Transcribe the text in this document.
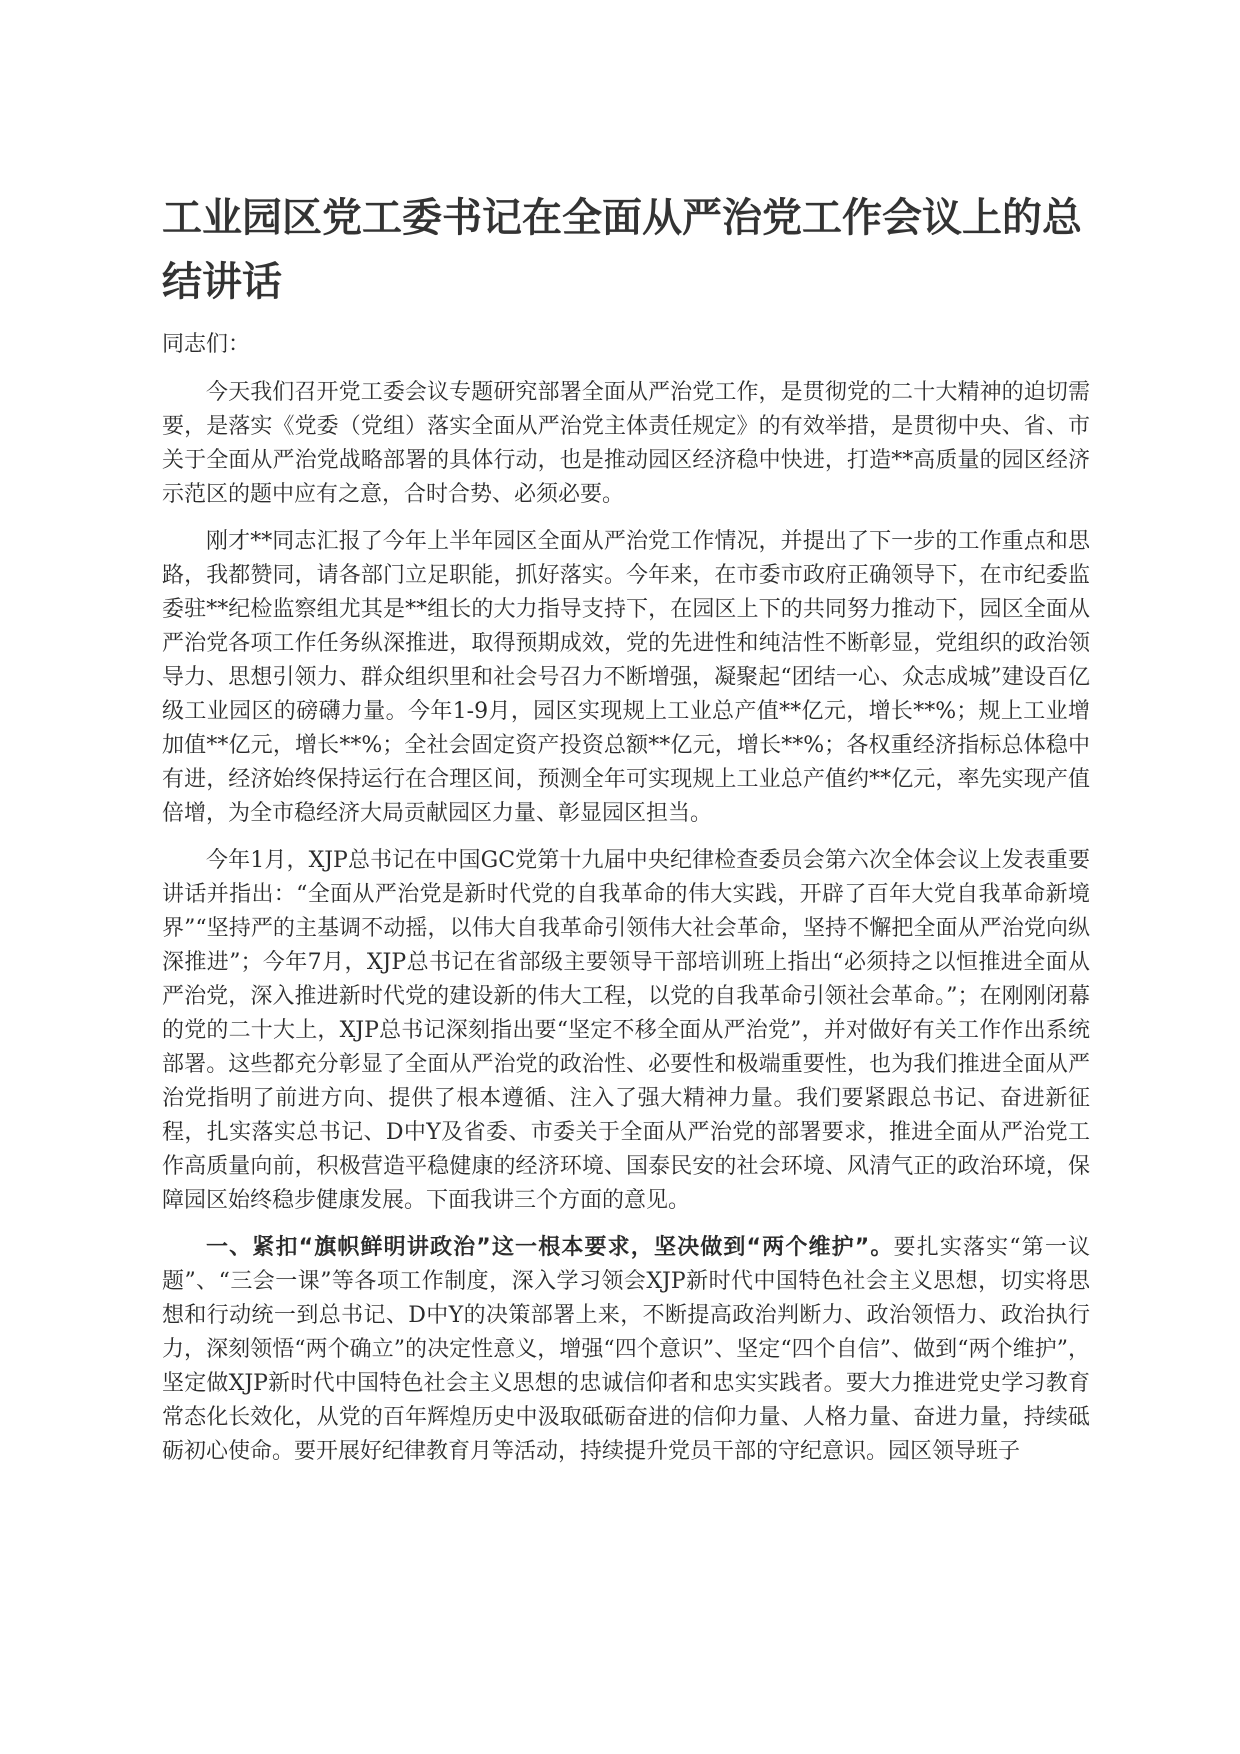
工业园区党工委书记在全面从严治党工作会议上的总结讲话

同志们：

今天我们召开党工委会议专题研究部署全面从严治党工作，是贯彻党的二十大精神的迫切需要，是落实《党委（党组）落实全面从严治党主体责任规定》的有效举措，是贯彻中央、省、市关于全面从严治党战略部署的具体行动，也是推动园区经济稳中快进，打造**高质量的园区经济示范区的题中应有之意，合时合势、必须必要。

刚才**同志汇报了今年上半年园区全面从严治党工作情况，并提出了下一步的工作重点和思路，我都赞同，请各部门立足职能，抓好落实。今年来，在市委市政府正确领导下，在市纪委监委驻**纪检监察组尤其是**组长的大力指导支持下，在园区上下的共同努力推动下，园区全面从严治党各项工作任务纵深推进，取得预期成效，党的先进性和纯洁性不断彰显，党组织的政治领导力、思想引领力、群众组织里和社会号召力不断增强，凝聚起“团结一心、众志成城”建设百亿级工业园区的磅礴力量。今年1-9月，园区实现规上工业总产值**亿元，增长**%；规上工业增加值**亿元，增长**%；全社会固定资产投资总额**亿元，增长**%；各权重经济指标总体稳中有进，经济始终保持运行在合理区间，预测全年可实现规上工业总产值约**亿元，率先实现产值倍增，为全市稳经济大局贡献园区力量、彰显园区担当。

今年1月，XJP总书记在中国GC党第十九届中央纪律检查委员会第六次全体会议上发表重要讲话并指出：“全面从严治党是新时代党的自我革命的伟大实践，开辟了百年大党自我革命新境界”“坚持严的主基调不动摇，以伟大自我革命引领伟大社会革命，坚持不懈把全面从严治党向纵深推进”；今年7月，XJP总书记在省部级主要领导干部培训班上指出“必须持之以恒推进全面从严治党，深入推进新时代党的建设新的伟大工程，以党的自我革命引领社会革命。”；在刚刚闭幕的党的二十大上，XJP总书记深刻指出要“坚定不移全面从严治党”，并对做好有关工作作出系统部署。这些都充分彰显了全面从严治党的政治性、必要性和极端重要性，也为我们推进全面从严治党指明了前进方向、提供了根本遵循、注入了强大精神力量。我们要紧跟总书记、奋进新征程，扎实落实总书记、D中Y及省委、市委关于全面从严治党的部署要求，推进全面从严治党工作高质量向前，积极营造平稳健康的经济环境、国泰民安的社会环境、风清气正的政治环境，保障园区始终稳步健康发展。下面我讲三个方面的意见。

一、紧扣“旗帜鲜明讲政治”这一根本要求，坚决做到“两个维护”。要扎实落实“第一议题”、“三会一课”等各项工作制度，深入学习领会XJP新时代中国特色社会主义思想，切实将思想和行动统一到总书记、D中Y的决策部署上来，不断提高政治判断力、政治领悟力、政治执行力，深刻领悟“两个确立”的决定性意义，增强“四个意识”、坚定“四个自信”、做到“两个维护”，坚定做XJP新时代中国特色社会主义思想的忠诚信仰者和忠实实践者。要大力推进党史学习教育常态化长效化，从党的百年辉煌历史中汲取砥砺奋进的信仰力量、人格力量、奋进力量，持续砥砺初心使命。要开展好纪律教育月等活动，持续提升党员干部的守纪意识。园区领导班子
